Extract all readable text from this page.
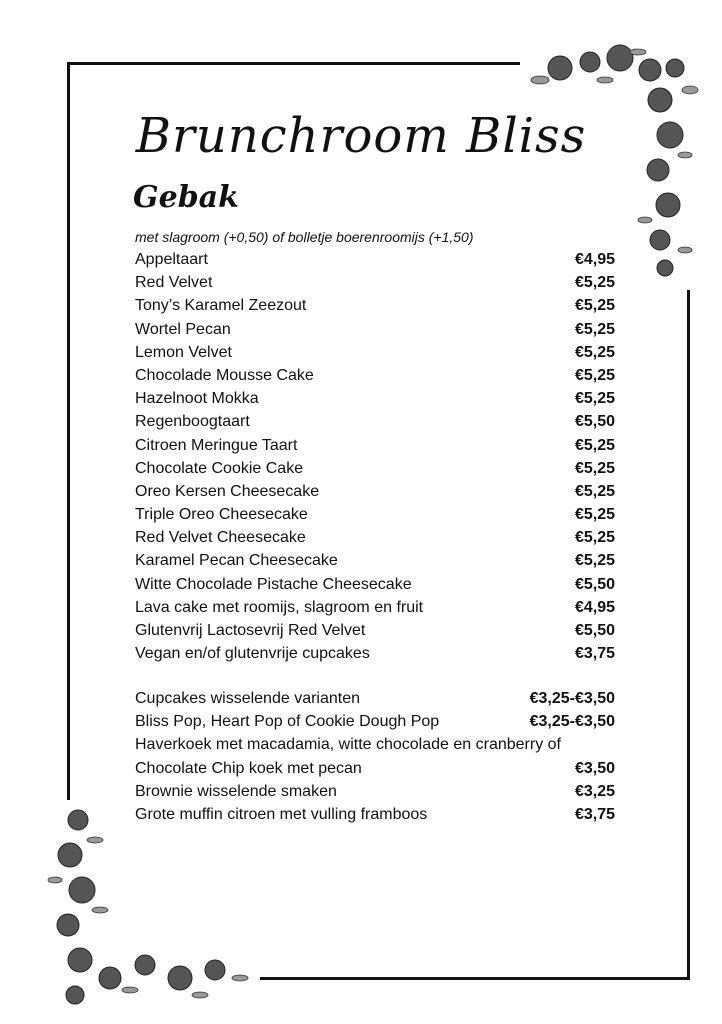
Brunchroom Bliss
Gebak
met slagroom (+0,50) of bolletje boerenroomijs (+1,50)
Appeltaart	€4,95
Red Velvet	€5,25
Tony’s Karamel Zeezout	€5,25
Wortel Pecan	€5,25
Lemon Velvet	€5,25
Chocolade Mousse Cake	€5,25
Hazelnoot Mokka	€5,25
Regenboogtaart	€5,50
Citroen Meringue Taart	€5,25
Chocolate Cookie Cake	€5,25
Oreo Kersen Cheesecake	€5,25
Triple Oreo Cheesecake	€5,25
Red Velvet Cheesecake	€5,25
Karamel Pecan Cheesecake	€5,25
Witte Chocolade Pistache Cheesecake	€5,50
Lava cake met roomijs, slagroom en fruit	€4,95
Glutenvrij Lactosevrij Red Velvet	€5,50
Vegan en/of glutenvrije cupcakes	€3,75
Cupcakes wisselende varianten	€3,25-€3,50
Bliss Pop, Heart Pop of Cookie Dough Pop	€3,25-€3,50
Haverkoek met macadamia, witte chocolade en cranberry of
Chocolate Chip koek met pecan	€3,50
Brownie wisselende smaken	€3,25
Grote muffin citroen met vulling framboos	€3,75
